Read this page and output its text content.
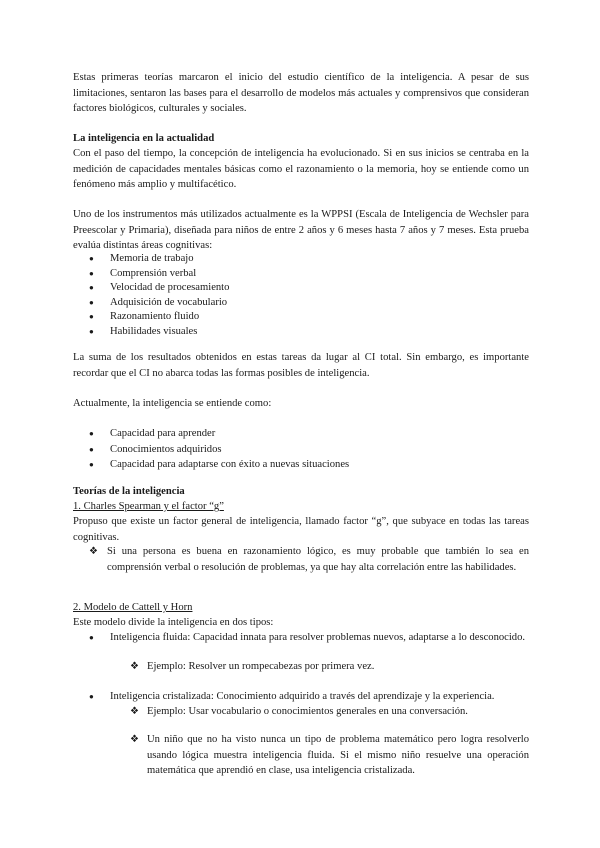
Estas primeras teorías marcaron el inicio del estudio científico de la inteligencia. A pesar de sus limitaciones, sentaron las bases para el desarrollo de modelos más actuales y comprensivos que consideran factores biológicos, culturales y sociales.
La inteligencia en la actualidad
Con el paso del tiempo, la concepción de inteligencia ha evolucionado. Si en sus inicios se centraba en la medición de capacidades mentales básicas como el razonamiento o la memoria, hoy se entiende como un fenómeno más amplio y multifacético.
Uno de los instrumentos más utilizados actualmente es la WPPSI (Escala de Inteligencia de Wechsler para Preescolar y Primaria), diseñada para niños de entre 2 años y 6 meses hasta 7 años y 7 meses. Esta prueba evalúa distintas áreas cognitivas:
● Memoria de trabajo
● Comprensión verbal
● Velocidad de procesamiento
● Adquisición de vocabulario
● Razonamiento fluido
● Habilidades visuales
La suma de los resultados obtenidos en estas tareas da lugar al CI total. Sin embargo, es importante recordar que el CI no abarca todas las formas posibles de inteligencia.
Actualmente, la inteligencia se entiende como:
● Capacidad para aprender
● Conocimientos adquiridos
● Capacidad para adaptarse con éxito a nuevas situaciones
Teorías de la inteligencia
1. Charles Spearman y el factor “g”
Propuso que existe un factor general de inteligencia, llamado factor “g”, que subyace en todas las tareas cognitivas.
❖ Si una persona es buena en razonamiento lógico, es muy probable que también lo sea en comprensión verbal o resolución de problemas, ya que hay alta correlación entre las habilidades.
2. Modelo de Cattell y Horn
Este modelo divide la inteligencia en dos tipos:
● Inteligencia fluida: Capacidad innata para resolver problemas nuevos, adaptarse a lo desconocido.
❖ Ejemplo: Resolver un rompecabezas por primera vez.
● Inteligencia cristalizada: Conocimiento adquirido a través del aprendizaje y la experiencia.
❖ Ejemplo: Usar vocabulario o conocimientos generales en una conversación.
❖ Un niño que no ha visto nunca un tipo de problema matemático pero logra resolverlo usando lógica muestra inteligencia fluida. Si el mismo niño resuelve una operación matemática que aprendió en clase, usa inteligencia cristalizada.
